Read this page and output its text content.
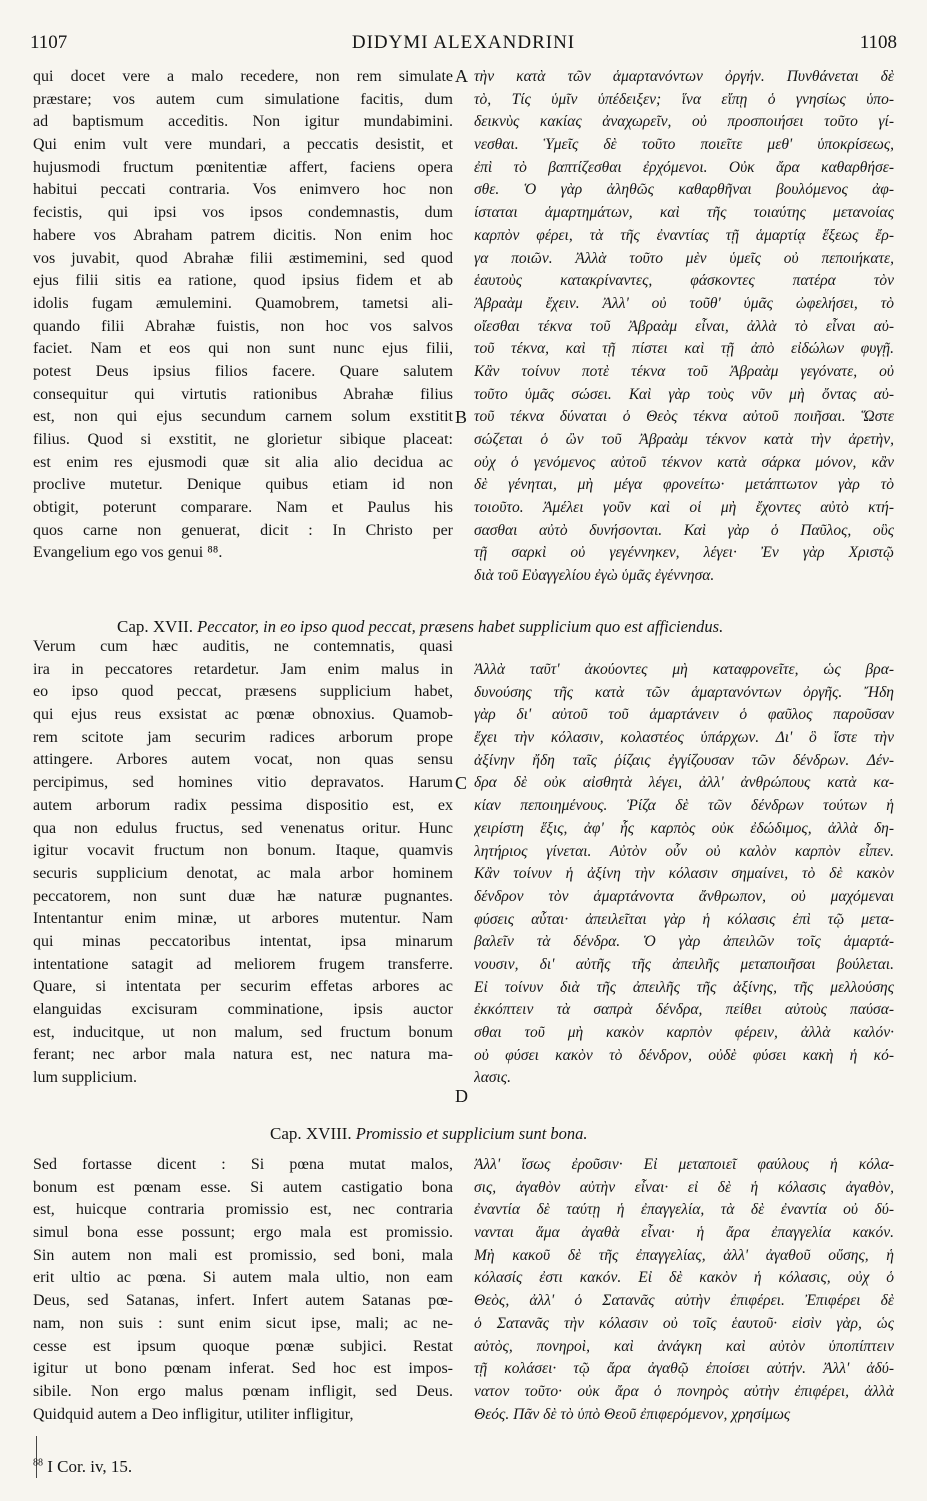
1107	DIDYMI ALEXANDRINI	1108
qui docet vere a malo recedere, non rem simulate
præstare; vos autem cum simulatione facitis, dum
ad baptismum acceditis. Non igitur mundabimini.
Qui enim vult vere mundari, a peccatis desistit, et
hujusmodi fructum pœnitentiæ affert, faciens opera
habitui peccati contraria. Vos enimvero hoc non
fecistis, qui ipsi vos ipsos condemnastis, dum
habere vos Abraham patrem dicitis. Non enim hoc
vos juvabit, quod Abrahæ filii æstimemini, sed quod
ejus filii sitis ea ratione, quod ipsius fidem et ab
idolis fugam æmulemini. Quamobrem, tametsi ali-
quando filii Abrahæ fuistis, non hoc vos salvos
faciet. Nam et eos qui non sunt nunc ejus filii,
potest Deus ipsius filios facere. Quare salutem
consequitur qui virtutis rationibus Abrahæ filius
est, non qui ejus secundum carnem solum exstitit
filius. Quod si exstitit, ne glorietur sibique placeat:
est enim res ejusmodi quæ sit alia alio decidua ac
proclive mutetur. Denique quibus etiam id non
obtigit, poterunt comparare. Nam et Paulus his
quos carne non genuerat, dicit : In Christo per
Evangelium ego vos genui ⁸⁸.
τὴν κατὰ τῶν ἁμαρτανόντων ὀργήν. Πυνθάνεται δὲ
τὸ, Τίς ὑμῖν ὑπέδειξεν; ἵνα εἴπῃ ὁ γνησίως ὑπο-
δεικνὺς κακίας ἀναχωρεῖν, οὐ προσποιήσει τοῦτο γί-
νεσθαι. Ὑμεῖς δὲ τοῦτο ποιεῖτε μεθ' ὑποκρίσεως,
ἐπὶ τὸ βαπτίζεσθαι ἐρχόμενοι. Οὐκ ἄρα καθαρθήσε-
σθε. Ὁ γὰρ ἀληθῶς καθαρθῆναι βουλόμενος ἀφ-
ίσταται ἁμαρτημάτων, καὶ τῆς τοιαύτης μετανοίας
καρπὸν φέρει, τὰ τῆς ἐναντίας τῇ ἁμαρτίᾳ ἕξεως ἔρ-
γα ποιῶν. Ἀλλὰ τοῦτο μὲν ὑμεῖς οὐ πεποιήκατε,
ἑαυτοὺς κατακρίναντες, φάσκοντες πατέρα τὸν
Ἀβραὰμ ἔχειν. Ἀλλ' οὐ τοῦθ' ὑμᾶς ὠφελήσει, τὸ
οἴεσθαι τέκνα τοῦ Ἀβραὰμ εἶναι, ἀλλὰ τὸ εἶναι αὐ-
τοῦ τέκνα, καὶ τῇ πίστει καὶ τῇ ἀπὸ εἰδώλων φυγῇ.
Κἂν τοίνυν ποτὲ τέκνα τοῦ Ἀβραὰμ γεγόνατε, οὐ
τοῦτο ὑμᾶς σώσει. Καὶ γὰρ τοὺς νῦν μὴ ὄντας αὐ-
τοῦ τέκνα δύναται ὁ Θεὸς τέκνα αὐτοῦ ποιῆσαι. Ὥστε
σώζεται ὁ ὢν τοῦ Ἀβραὰμ τέκνον κατὰ τὴν ἀρετὴν,
οὐχ ὁ γενόμενος αὐτοῦ τέκνον κατὰ σάρκα μόνον, κἂν
δὲ γένηται, μὴ μέγα φρονείτω· μετάπτωτον γὰρ τὸ
τοιοῦτο. Ἀμέλει γοῦν καὶ οἱ μὴ ἔχοντες αὐτὸ κτή-
σασθαι αὐτὸ δυνήσονται. Καὶ γὰρ ὁ Παῦλος, οὓς
τῇ σαρκὶ οὐ γεγέννηκεν, λέγει· Ἐν γὰρ Χριστῷ
διὰ τοῦ Εὐαγγελίου ἐγὼ ὑμᾶς ἐγέννησα.
A
B
Cap. XVII. Peccator, in eo ipso quod peccat, præsens habet supplicium quo est afficiendus.
Verum cum hæc auditis, ne contemnatis, quasi
ira in peccatores retardetur. Jam enim malus in
eo ipso quod peccat, præsens supplicium habet,
qui ejus reus exsistat ac pœnæ obnoxius. Quamob-
rem scitote jam securim radices arborum prope
attingere. Arbores autem vocat, non quas sensu
percipimus, sed homines vitio depravatos. Harum
autem arborum radix pessima dispositio est, ex
qua non edulus fructus, sed venenatus oritur. Hunc
igitur vocavit fructum non bonum. Itaque, quamvis
securis supplicium denotat, ac mala arbor hominem
peccatorem, non sunt duæ hæ naturæ pugnantes.
Intentantur enim minæ, ut arbores mutentur. Nam
qui minas peccatoribus intentat, ipsa minarum
intentatione satagit ad meliorem frugem transferre.
Quare, si intentata per securim effetas arbores ac
elanguidas excisuram comminatione, ipsis auctor
est, inducitque, ut non malum, sed fructum bonum
ferant; nec arbor mala natura est, nec natura ma-
lum supplicium.
Ἀλλὰ ταῦτ' ἀκούοντες μὴ καταφρονεῖτε, ὡς βρα-
δυνούσης τῆς κατὰ τῶν ἁμαρτανόντων ὀργῆς. Ἤδη
γὰρ δι' αὐτοῦ τοῦ ἁμαρτάνειν ὁ φαῦλος παροῦσαν
ἔχει τὴν κόλασιν, κολαστέος ὑπάρχων. Δι' ὃ ἴστε τὴν
ἀξίνην ἤδη ταῖς ῥίζαις ἐγγίζουσαν τῶν δένδρων. Δέν-
δρα δὲ οὐκ αἰσθητὰ λέγει, ἀλλ' ἀνθρώπους κατὰ κα-
κίαν πεποιημένους. Ῥίζα δὲ τῶν δένδρων τούτων ἡ
χειρίστη ἕξις, ἀφ' ἧς καρπὸς οὐκ ἐδώδιμος, ἀλλὰ δη-
λητήριος γίνεται. Αὐτὸν οὖν οὐ καλὸν καρπὸν εἶπεν.
Κἂν τοίνυν ἡ ἀξίνη τὴν κόλασιν σημαίνει, τὸ δὲ κακὸν
δένδρον τὸν ἁμαρτάνοντα ἄνθρωπον, οὐ μαχόμεναι
φύσεις αὗται· ἀπειλεῖται γὰρ ἡ κόλασις ἐπὶ τῷ μετα-
βαλεῖν τὰ δένδρα. Ὁ γὰρ ἀπειλῶν τοῖς ἁμαρτά-
νουσιν, δι' αὐτῆς τῆς ἀπειλῆς μεταποιῆσαι βούλεται.
Εἰ τοίνυν διὰ τῆς ἀπειλῆς τῆς ἀξίνης, τῆς μελλούσης
ἐκκόπτειν τὰ σαπρὰ δένδρα, πείθει αὐτοὺς παύσα-
σθαι τοῦ μὴ κακὸν καρπὸν φέρειν, ἀλλὰ καλόν·
οὐ φύσει κακὸν τὸ δένδρον, οὐδὲ φύσει κακὴ ἡ κό-
λασις.
C
D
Cap. XVIII. Promissio et supplicium sunt bona.
Sed fortasse dicent : Si pœna mutat malos,
bonum est pœnam esse. Si autem castigatio bona
est, huicque contraria promissio est, nec contraria
simul bona esse possunt; ergo mala est promissio.
Sin autem non mali est promissio, sed boni, mala
erit ultio ac pœna. Si autem mala ultio, non eam
Deus, sed Satanas, infert. Infert autem Satanas pœ-
nam, non suis : sunt enim sicut ipse, mali; ac ne-
cesse est ipsum quoque pœnæ subjici. Restat
igitur ut bono pœnam inferat. Sed hoc est impos-
sibile. Non ergo malus pœnam infligit, sed Deus.
Quidquid autem a Deo infligitur, utiliter infligitur,
Ἀλλ' ἴσως ἐροῦσιν· Εἰ μεταποιεῖ φαύλους ἡ κόλα-
σις, ἀγαθὸν αὐτὴν εἶναι· εἰ δὲ ἡ κόλασις ἀγαθὸν,
ἐναντία δὲ ταύτῃ ἡ ἐπαγγελία, τὰ δὲ ἐναντία οὐ δύ-
νανται ἅμα ἀγαθὰ εἶναι· ἡ ἄρα ἐπαγγελία κακόν.
Μὴ κακοῦ δὲ τῆς ἐπαγγελίας, ἀλλ' ἀγαθοῦ οὔσης, ἡ
κόλασίς ἐστι κακόν. Εἰ δὲ κακὸν ἡ κόλασις, οὐχ ὁ
Θεὸς, ἀλλ' ὁ Σατανᾶς αὐτὴν ἐπιφέρει. Ἐπιφέρει δὲ
ὁ Σατανᾶς τὴν κόλασιν οὐ τοῖς ἑαυτοῦ· εἰσὶν γὰρ, ὡς
αὐτὸς, πονηροὶ, καὶ ἀνάγκη καὶ αὐτὸν ὑποπίπτειν
τῇ κολάσει· τῷ ἄρα ἀγαθῷ ἐποίσει αὐτήν. Ἀλλ' ἀδύ-
νατον τοῦτο· οὐκ ἄρα ὁ πονηρὸς αὐτὴν ἐπιφέρει, ἀλλὰ
Θεός. Πᾶν δὲ τὸ ὑπὸ Θεοῦ ἐπιφερόμενον, χρησίμως
$^{88}$ I Cor. iv, 15.
